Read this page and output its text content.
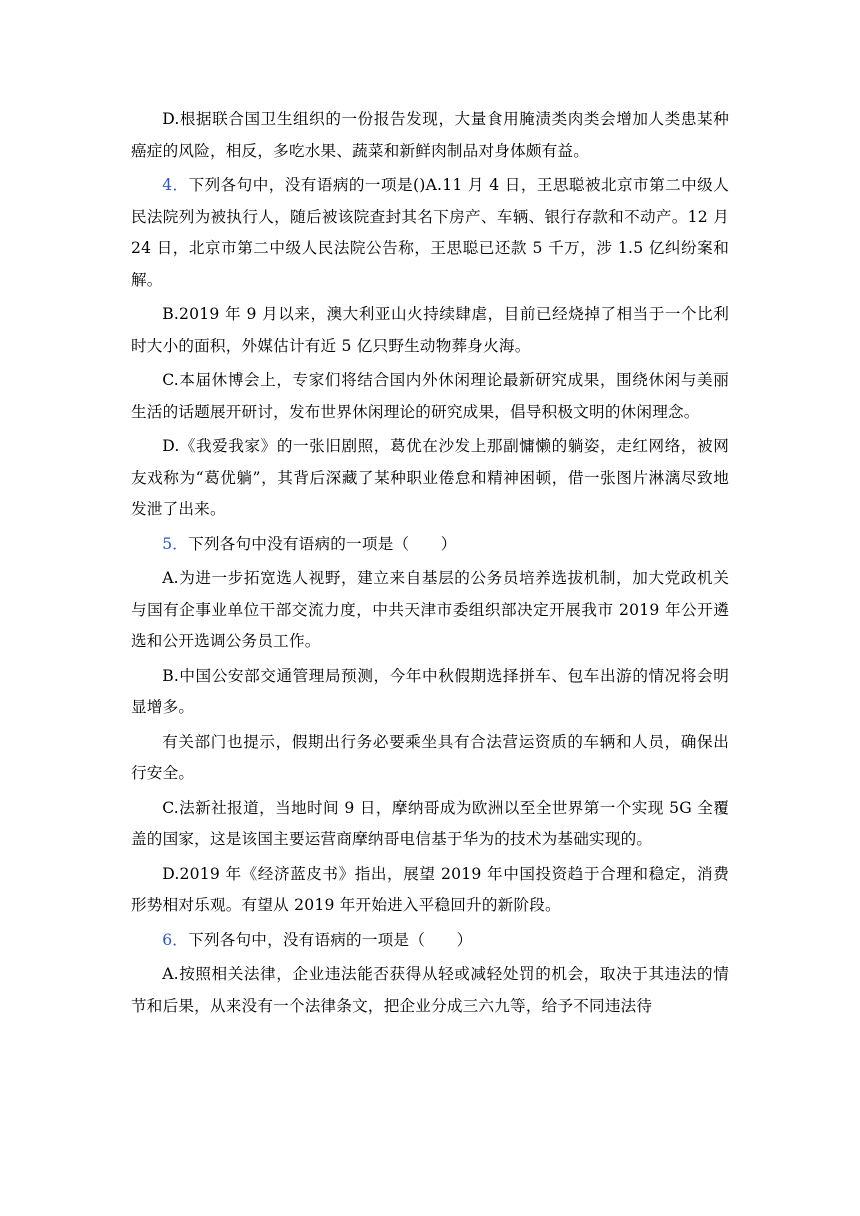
D.根据联合国卫生组织的一份报告发现，大量食用腌渍类肉类会增加人类患某种癌症的风险，相反，多吃水果、蔬菜和新鲜肉制品对身体颇有益。

4．下列各句中，没有语病的一项是()A.11 月 4 日，王思聪被北京市第二中级人民法院列为被执行人，随后被该院查封其名下房产、车辆、银行存款和不动产。12 月 24 日，北京市第二中级人民法院公告称，王思聪已还款 5 千万，涉 1.5 亿纠纷案和解。

B.2019 年 9 月以来，澳大利亚山火持续肆虐，目前已经烧掉了相当于一个比利时大小的面积，外媒估计有近 5 亿只野生动物葬身火海。

C.本届休博会上，专家们将结合国内外休闲理论最新研究成果，围绕休闲与美丽生活的话题展开研讨，发布世界休闲理论的研究成果，倡导积极文明的休闲理念。

D.《我爱我家》的一张旧剧照，葛优在沙发上那副慵懒的躺姿，走红网络，被网友戏称为“葛优躺”，其背后深藏了某种职业倦怠和精神困顿，借一张图片淋漓尽致地发泄了出来。

5．下列各句中没有语病的一项是（　　）

A.为进一步拓宽选人视野，建立来自基层的公务员培养选拔机制，加大党政机关与国有企事业单位干部交流力度，中共天津市委组织部决定开展我市 2019 年公开遴选和公开选调公务员工作。

B.中国公安部交通管理局预测，今年中秋假期选择拼车、包车出游的情况将会明显增多。

有关部门也提示，假期出行务必要乘坐具有合法营运资质的车辆和人员，确保出行安全。

C.法新社报道，当地时间 9 日，摩纳哥成为欧洲以至全世界第一个实现 5G 全覆盖的国家，这是该国主要运营商摩纳哥电信基于华为的技术为基础实现的。

D.2019 年《经济蓝皮书》指出，展望 2019 年中国投资趋于合理和稳定，消费形势相对乐观。有望从 2019 年开始进入平稳回升的新阶段。

6．下列各句中，没有语病的一项是（　　）

A.按照相关法律，企业违法能否获得从轻或减轻处罚的机会，取决于其违法的情节和后果，从来没有一个法律条文，把企业分成三六九等，给予不同违法待
